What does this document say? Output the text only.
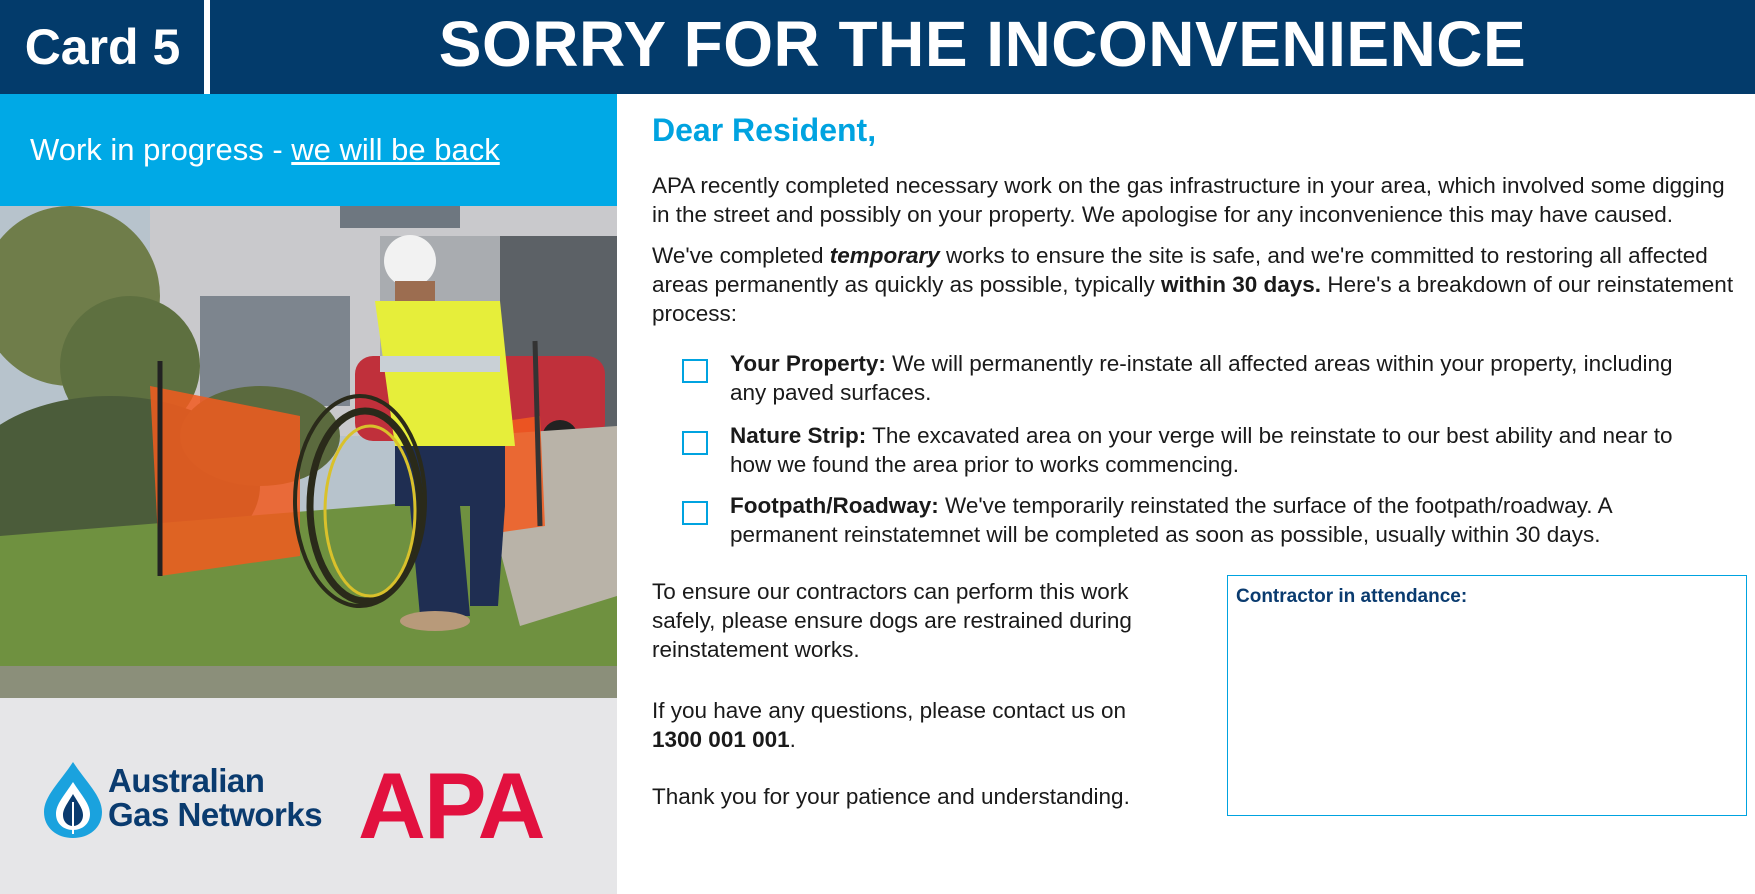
Card 5	SORRY FOR THE INCONVENIENCE
Work in progress - we will be back
Australian
Gas Networks APA
Dear Resident,
APA recently completed necessary work on the gas infrastructure in your area, which involved some digging in the street and possibly on your property. We apologise for any inconvenience this may have caused.
We've completed temporary works to ensure the site is safe, and we're committed to restoring all affected areas permanently as quickly as possible, typically within 30 days. Here's a breakdown of our reinstatement process:
Your Property: We will permanently re-instate all affected areas within your property, including any paved surfaces.
Nature Strip: The excavated area on your verge will be reinstate to our best ability and near to how we found the area prior to works commencing.
Footpath/Roadway: We've temporarily reinstated the surface of the footpath/roadway. A permanent reinstatemnet will be completed as soon as possible, usually within 30 days.
To ensure our contractors can perform this work safely, please ensure dogs are restrained during reinstatement works.
If you have any questions, please contact us on 1300 001 001.
Thank you for your patience and understanding.
Contractor in attendance:
